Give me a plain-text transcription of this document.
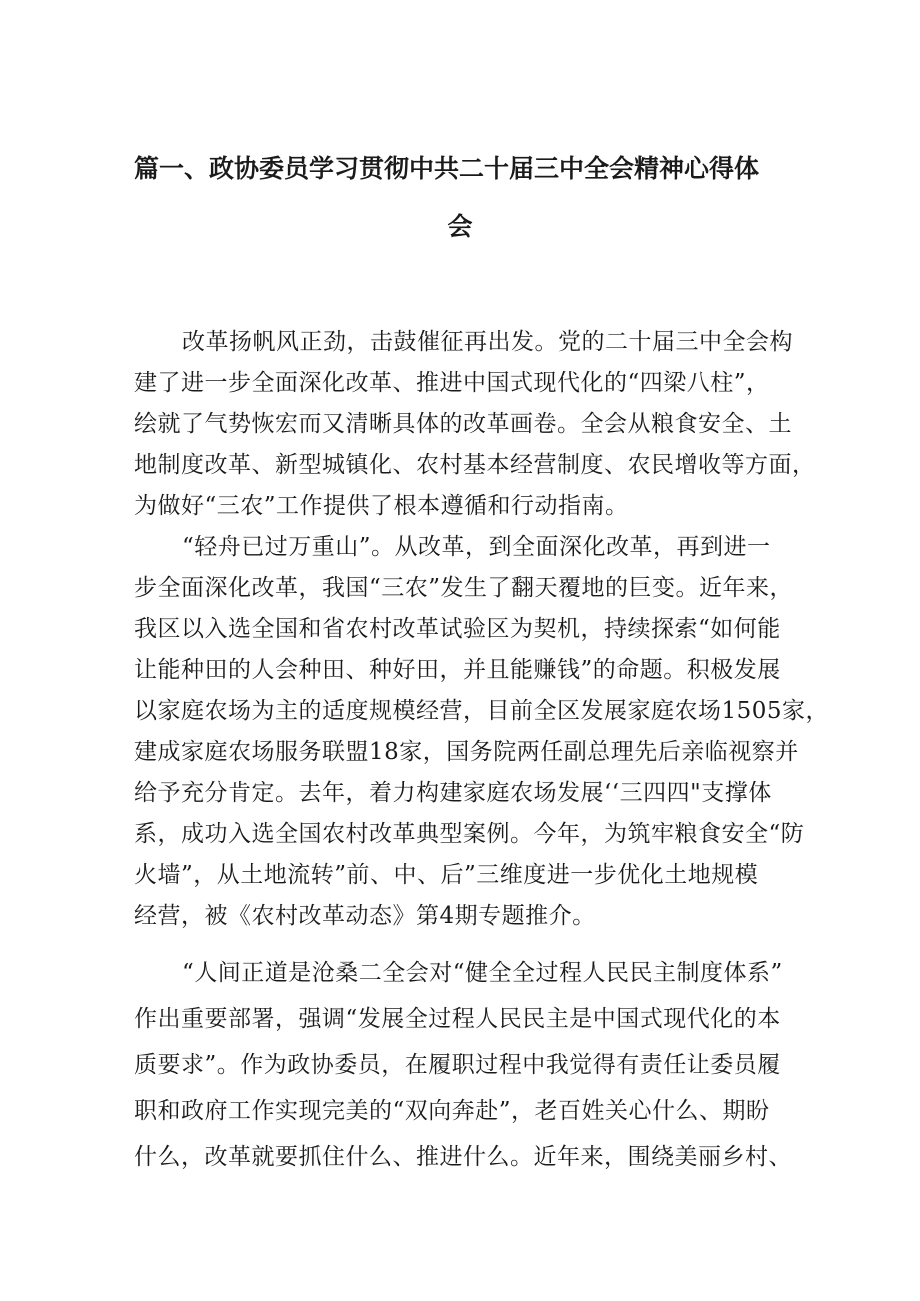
篇一、政协委员学习贯彻中共二十届三中全会精神心得体
会
改革扬帆风正劲，击鼓催征再出发。党的二十届三中全会构
建了进一步全面深化改革、推进中国式现代化的“四梁八柱”，
绘就了气势恢宏而又清晰具体的改革画卷。全会从粮食安全、土
地制度改革、新型城镇化、农村基本经营制度、农民增收等方面，
为做好“三农”工作提供了根本遵循和行动指南。
“轻舟已过万重山”。从改革，到全面深化改革，再到进一
步全面深化改革，我国“三农”发生了翻天覆地的巨变。近年来，
我区以入选全国和省农村改革试验区为契机，持续探索“如何能
让能种田的人会种田、种好田，并且能赚钱”的命题。积极发展
以家庭农场为主的适度规模经营，目前全区发展家庭农场1505家，
建成家庭农场服务联盟18家，国务院两任副总理先后亲临视察并
给予充分肯定。去年，着力构建家庭农场发展‘‘三四四"支撑体
系，成功入选全国农村改革典型案例。今年，为筑牢粮食安全“防
火墙”，从土地流转”前、中、后”三维度进一步优化土地规模
经营，被《农村改革动态》第4期专题推介。
“人间正道是沧桑二全会对“健全全过程人民民主制度体系”
作出重要部署，强调“发展全过程人民民主是中国式现代化的本
质要求”。作为政协委员，在履职过程中我觉得有责任让委员履
职和政府工作实现完美的“双向奔赴”，老百姓关心什么、期盼
什么，改革就要抓住什么、推进什么。近年来，围绕美丽乡村、
